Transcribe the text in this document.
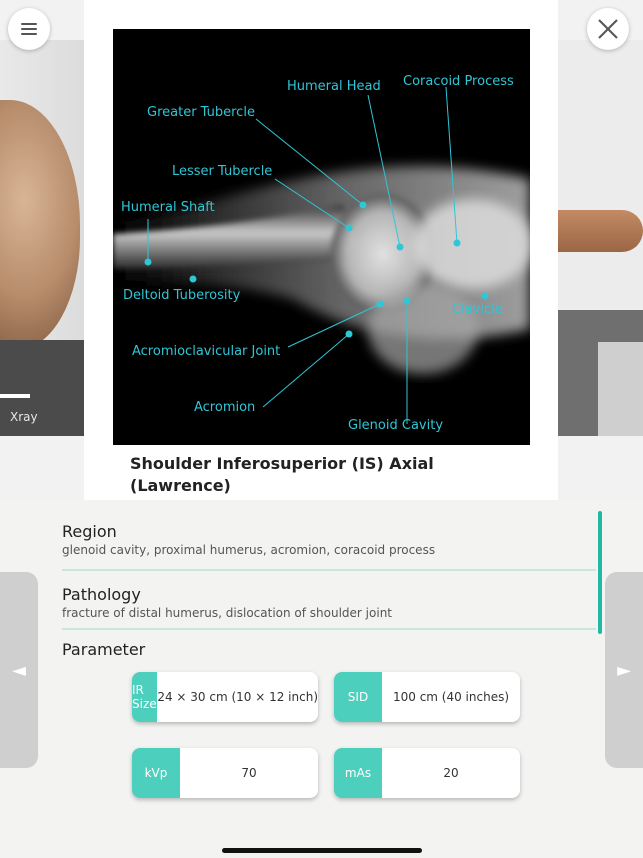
Xray
Humeral Head Coracoid Process
Greater Tubercle
Lesser Tubercle
Humeral Shaft
Deltoid Tuberosity
Clavicle
Acromioclavicular Joint
Acromion
Glenoid Cavity
Shoulder Inferosuperior (IS) Axial (Lawrence)
Region

glenoid cavity, proximal humerus, acromion, coracoid process

Pathology

fracture of distal humerus, dislocation of shoulder joint

Parameter
IR Size 24 × 30 cm (10 × 12 inch)	SID	100 cm (40 inches)
kVp	70	mAs	20
◄	►
